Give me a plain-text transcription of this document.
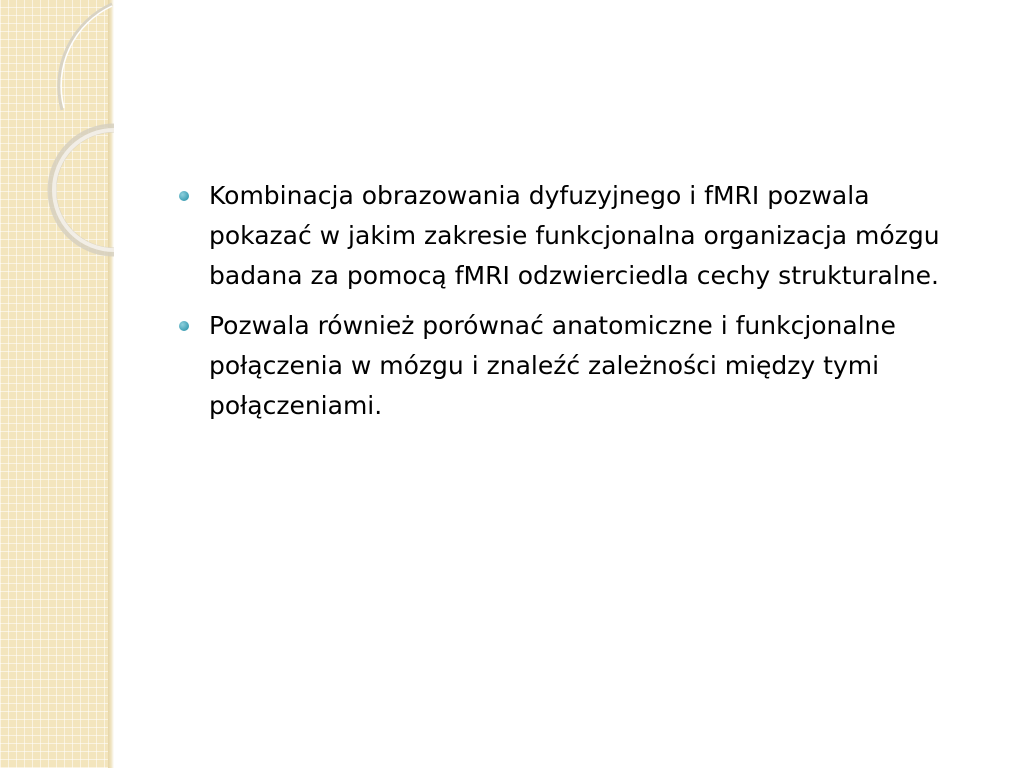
Kombinacja obrazowania dyfuzyjnego i fMRI pozwala pokazać w jakim zakresie funkcjonalna organizacja mózgu badana za pomocą fMRI odzwierciedla cechy strukturalne.
Pozwala również porównać anatomiczne i funkcjonalne połączenia w mózgu i znaleźć zależności między tymi połączeniami.
